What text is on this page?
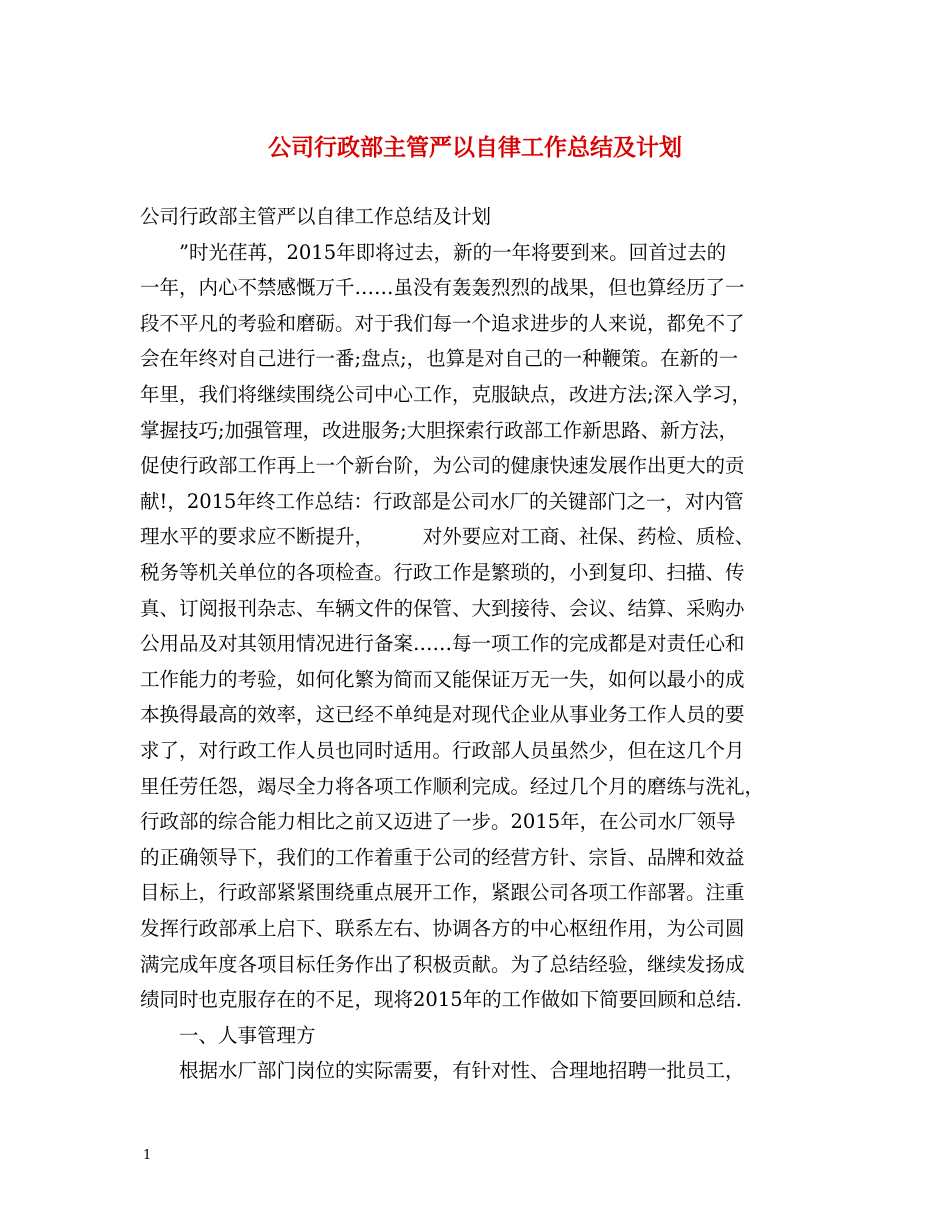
公司行政部主管严以自律工作总结及计划
公司行政部主管严以自律工作总结及计划
　　”时光荏苒，2015年即将过去，新的一年将要到来。回首过去的
一年，内心不禁感慨万千……虽没有轰轰烈烈的战果，但也算经历了一
段不平凡的考验和磨砺。对于我们每一个追求进步的人来说，都免不了
会在年终对自己进行一番;盘点;，也算是对自己的一种鞭策。在新的一
年里，我们将继续围绕公司中心工作，克服缺点，改进方法;深入学习，
掌握技巧;加强管理，改进服务;大胆探索行政部工作新思路、新方法，
促使行政部工作再上一个新台阶，为公司的健康快速发展作出更大的贡
献!，2015年终工作总结：行政部是公司水厂的关键部门之一，对内管
理水平的要求应不断提升，　　　对外要应对工商、社保、药检、质检、
税务等机关单位的各项检查。行政工作是繁琐的，小到复印、扫描、传
真、订阅报刊杂志、车辆文件的保管、大到接待、会议、结算、采购办
公用品及对其领用情况进行备案……每一项工作的完成都是对责任心和
工作能力的考验，如何化繁为简而又能保证万无一失，如何以最小的成
本换得最高的效率，这已经不单纯是对现代企业从事业务工作人员的要
求了，对行政工作人员也同时适用。行政部人员虽然少，但在这几个月
里任劳任怨，竭尽全力将各项工作顺利完成。经过几个月的磨练与洗礼，
行政部的综合能力相比之前又迈进了一步。2015年，在公司水厂领导
的正确领导下，我们的工作着重于公司的经营方针、宗旨、品牌和效益
目标上，行政部紧紧围绕重点展开工作，紧跟公司各项工作部署。注重
发挥行政部承上启下、联系左右、协调各方的中心枢纽作用，为公司圆
满完成年度各项目标任务作出了积极贡献。为了总结经验，继续发扬成
绩同时也克服存在的不足，现将2015年的工作做如下简要回顾和总结.
　　一、人事管理方
　　根据水厂部门岗位的实际需要，有针对性、合理地招聘一批员工，
1
